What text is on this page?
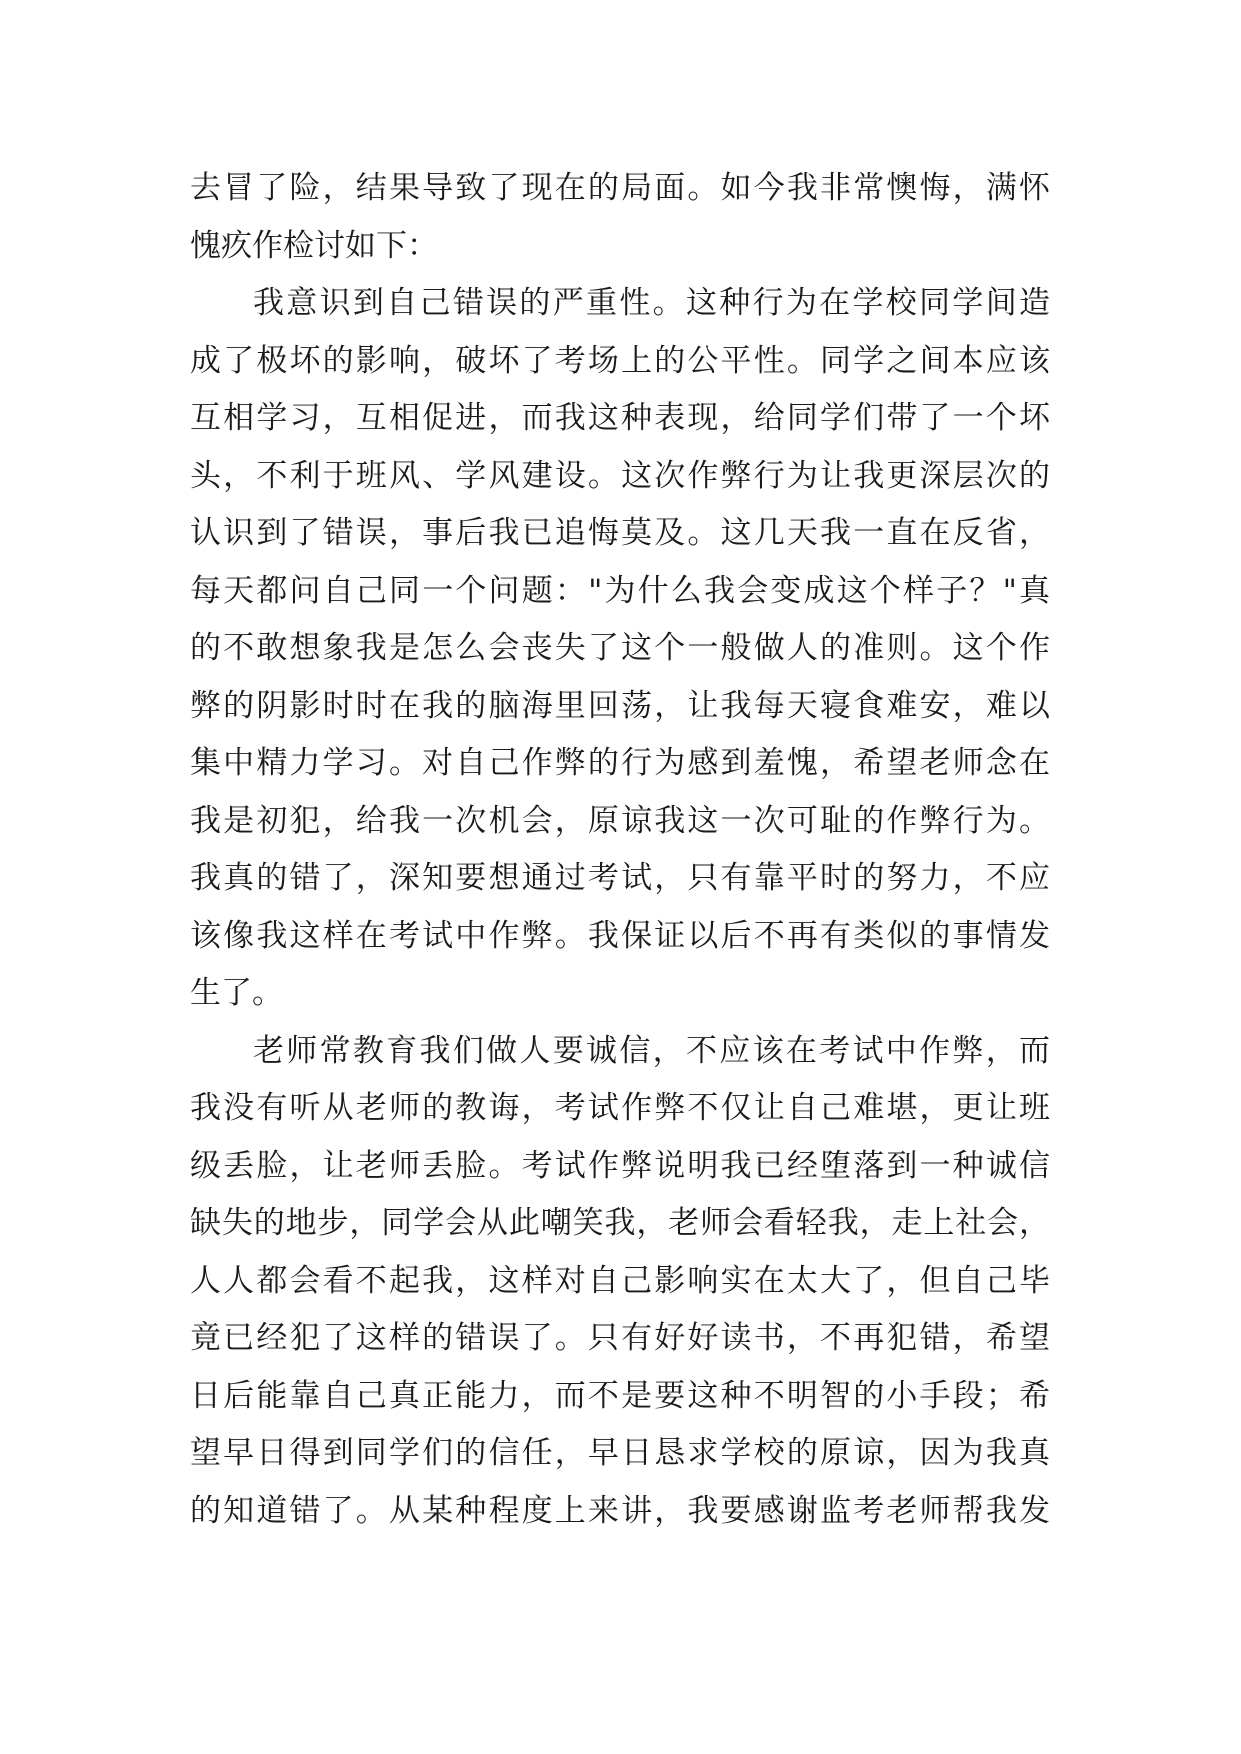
去冒了险，结果导致了现在的局面。如今我非常懊悔，满怀
愧疚作检讨如下：
我意识到自己错误的严重性。这种行为在学校同学间造
成了极坏的影响，破坏了考场上的公平性。同学之间本应该
互相学习，互相促进，而我这种表现，给同学们带了一个坏
头，不利于班风、学风建设。这次作弊行为让我更深层次的
认识到了错误，事后我已追悔莫及。这几天我一直在反省，
每天都问自己同一个问题："为什么我会变成这个样子？"真
的不敢想象我是怎么会丧失了这个一般做人的准则。这个作
弊的阴影时时在我的脑海里回荡，让我每天寝食难安，难以
集中精力学习。对自己作弊的行为感到羞愧，希望老师念在
我是初犯，给我一次机会，原谅我这一次可耻的作弊行为。
我真的错了，深知要想通过考试，只有靠平时的努力，不应
该像我这样在考试中作弊。我保证以后不再有类似的事情发
生了。
老师常教育我们做人要诚信，不应该在考试中作弊，而
我没有听从老师的教诲，考试作弊不仅让自己难堪，更让班
级丢脸，让老师丢脸。考试作弊说明我已经堕落到一种诚信
缺失的地步，同学会从此嘲笑我，老师会看轻我，走上社会，
人人都会看不起我，这样对自己影响实在太大了，但自己毕
竟已经犯了这样的错误了。只有好好读书，不再犯错，希望
日后能靠自己真正能力，而不是要这种不明智的小手段；希
望早日得到同学们的信任，早日恳求学校的原谅，因为我真
的知道错了。从某种程度上来讲，我要感谢监考老师帮我发
